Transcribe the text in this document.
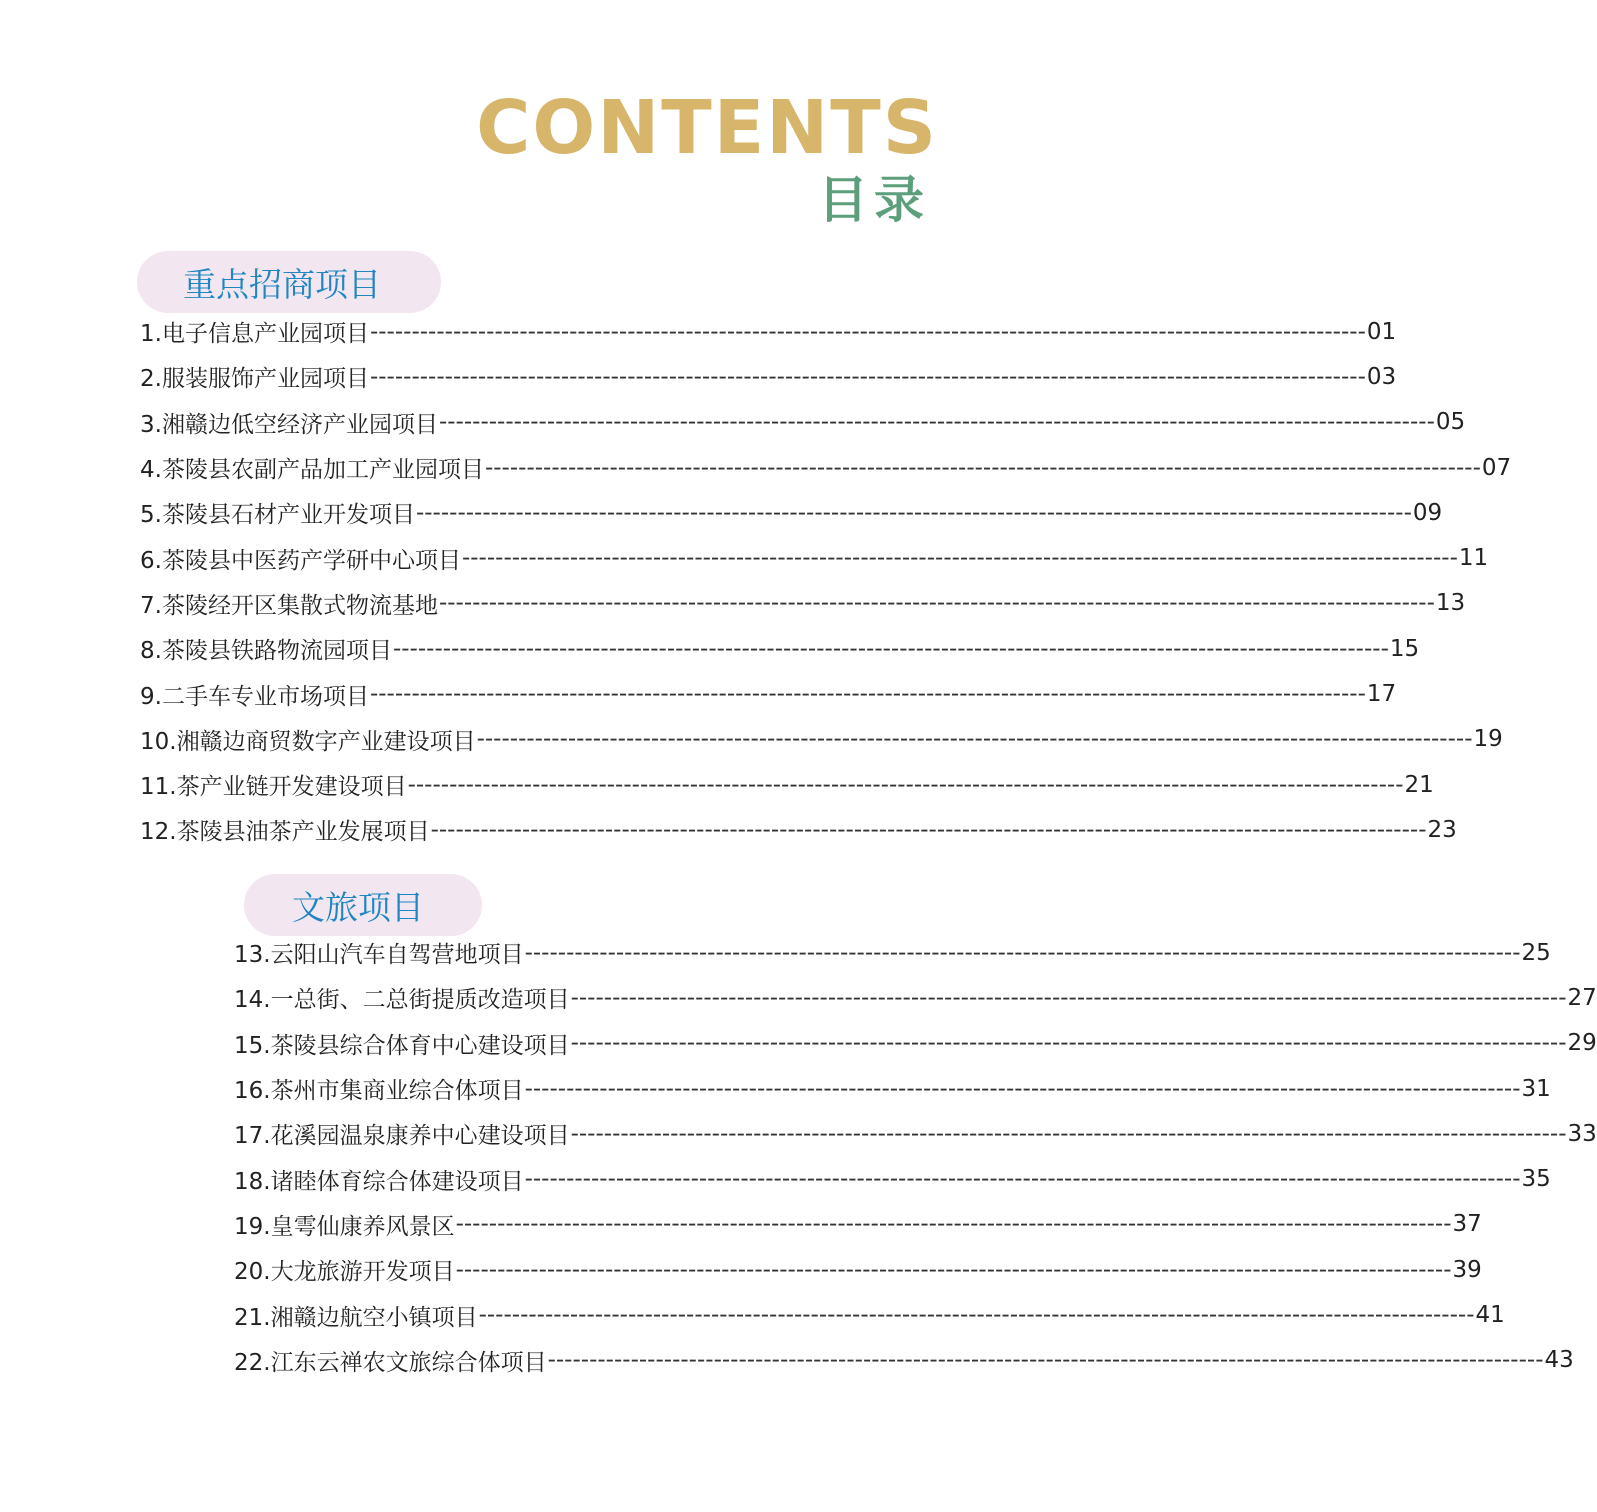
CONTENTS
目录
重点招商项目
1.电子信息产业园项目 ------------------------------------------------------------------------------------------------------------------------ 01
2.服装服饰产业园项目 ------------------------------------------------------------------------------------------------------------------------ 03
3.湘赣边低空经济产业园项目 ------------------------------------------------------------------------------------------------------------------------ 05
4.茶陵县农副产品加工产业园项目 ------------------------------------------------------------------------------------------------------------------------ 07
5.茶陵县石材产业开发项目 ------------------------------------------------------------------------------------------------------------------------ 09
6.茶陵县中医药产学研中心项目 ------------------------------------------------------------------------------------------------------------------------ 11
7.茶陵经开区集散式物流基地 ------------------------------------------------------------------------------------------------------------------------ 13
8.茶陵县铁路物流园项目 ------------------------------------------------------------------------------------------------------------------------ 15
9.二手车专业市场项目 ------------------------------------------------------------------------------------------------------------------------ 17
10.湘赣边商贸数字产业建设项目 ------------------------------------------------------------------------------------------------------------------------ 19
11.茶产业链开发建设项目 ------------------------------------------------------------------------------------------------------------------------ 21
12.茶陵县油茶产业发展项目 ------------------------------------------------------------------------------------------------------------------------ 23
文旅项目
13.云阳山汽车自驾营地项目 ------------------------------------------------------------------------------------------------------------------------ 25
14.一总街、二总街提质改造项目 ------------------------------------------------------------------------------------------------------------------------ 27
15.茶陵县综合体育中心建设项目 ------------------------------------------------------------------------------------------------------------------------ 29
16.茶州市集商业综合体项目 ------------------------------------------------------------------------------------------------------------------------ 31
17.花溪园温泉康养中心建设项目 ------------------------------------------------------------------------------------------------------------------------ 33
18.诸睦体育综合体建设项目 ------------------------------------------------------------------------------------------------------------------------ 35
19.皇雩仙康养风景区 ------------------------------------------------------------------------------------------------------------------------ 37
20.大龙旅游开发项目 ------------------------------------------------------------------------------------------------------------------------ 39
21.湘赣边航空小镇项目 ------------------------------------------------------------------------------------------------------------------------ 41
22.江东云禅农文旅综合体项目 ------------------------------------------------------------------------------------------------------------------------ 43
